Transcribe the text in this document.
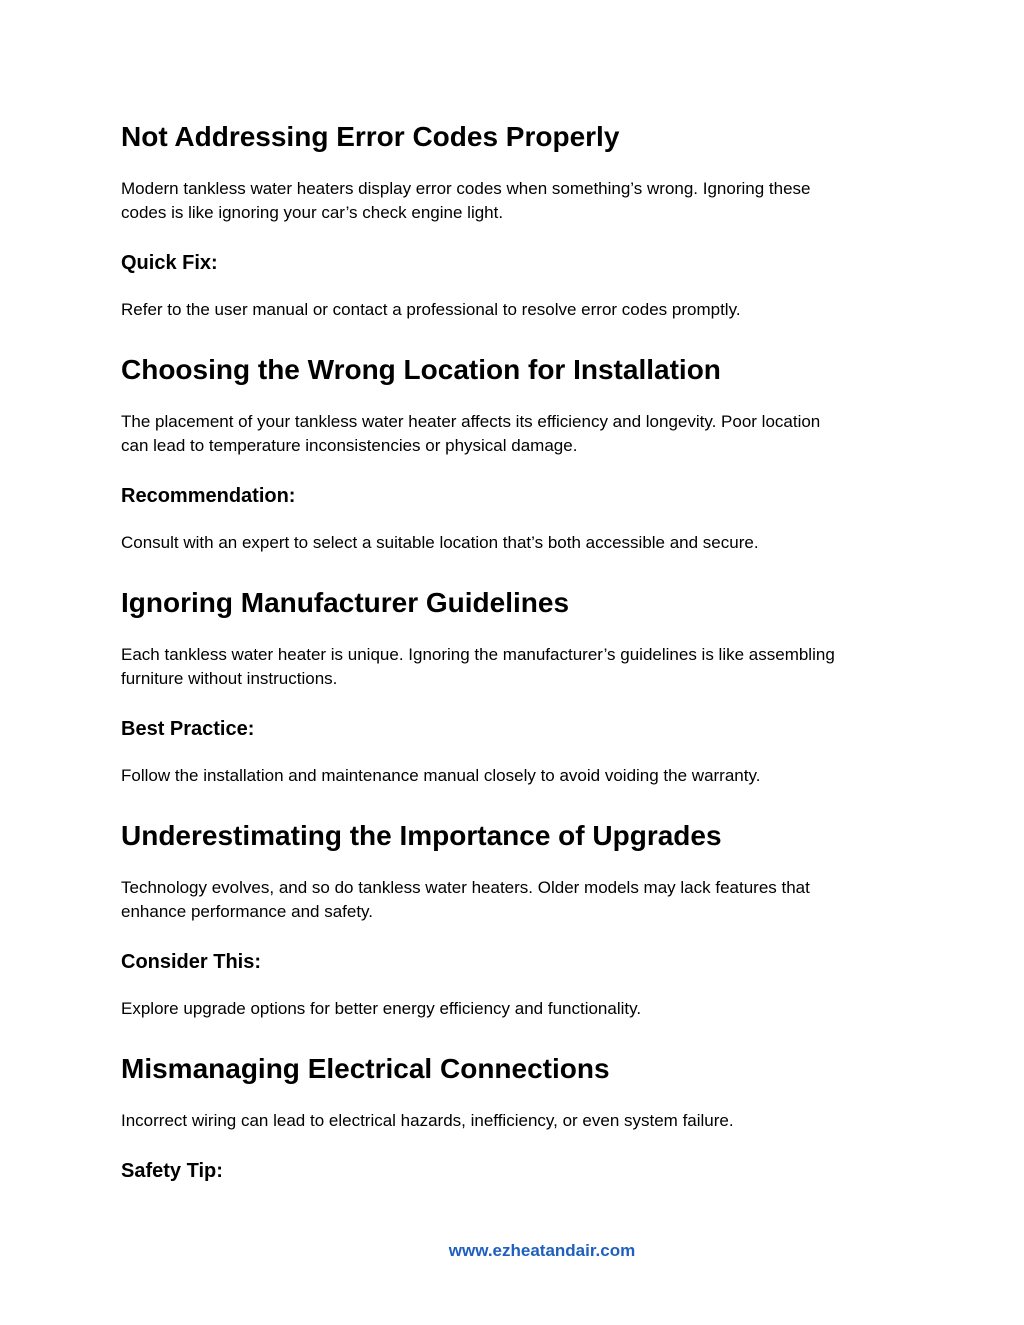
Not Addressing Error Codes Properly

Modern tankless water heaters display error codes when something’s wrong. Ignoring these
codes is like ignoring your car’s check engine light.

Quick Fix:

Refer to the user manual or contact a professional to resolve error codes promptly.

Choosing the Wrong Location for Installation

The placement of your tankless water heater affects its efficiency and longevity. Poor location
can lead to temperature inconsistencies or physical damage.

Recommendation:

Consult with an expert to select a suitable location that’s both accessible and secure.

Ignoring Manufacturer Guidelines

Each tankless water heater is unique. Ignoring the manufacturer’s guidelines is like assembling
furniture without instructions.

Best Practice:

Follow the installation and maintenance manual closely to avoid voiding the warranty.

Underestimating the Importance of Upgrades

Technology evolves, and so do tankless water heaters. Older models may lack features that
enhance performance and safety.

Consider This:

Explore upgrade options for better energy efficiency and functionality.

Mismanaging Electrical Connections

Incorrect wiring can lead to electrical hazards, inefficiency, or even system failure.

Safety Tip:
www.ezheatandair.com
